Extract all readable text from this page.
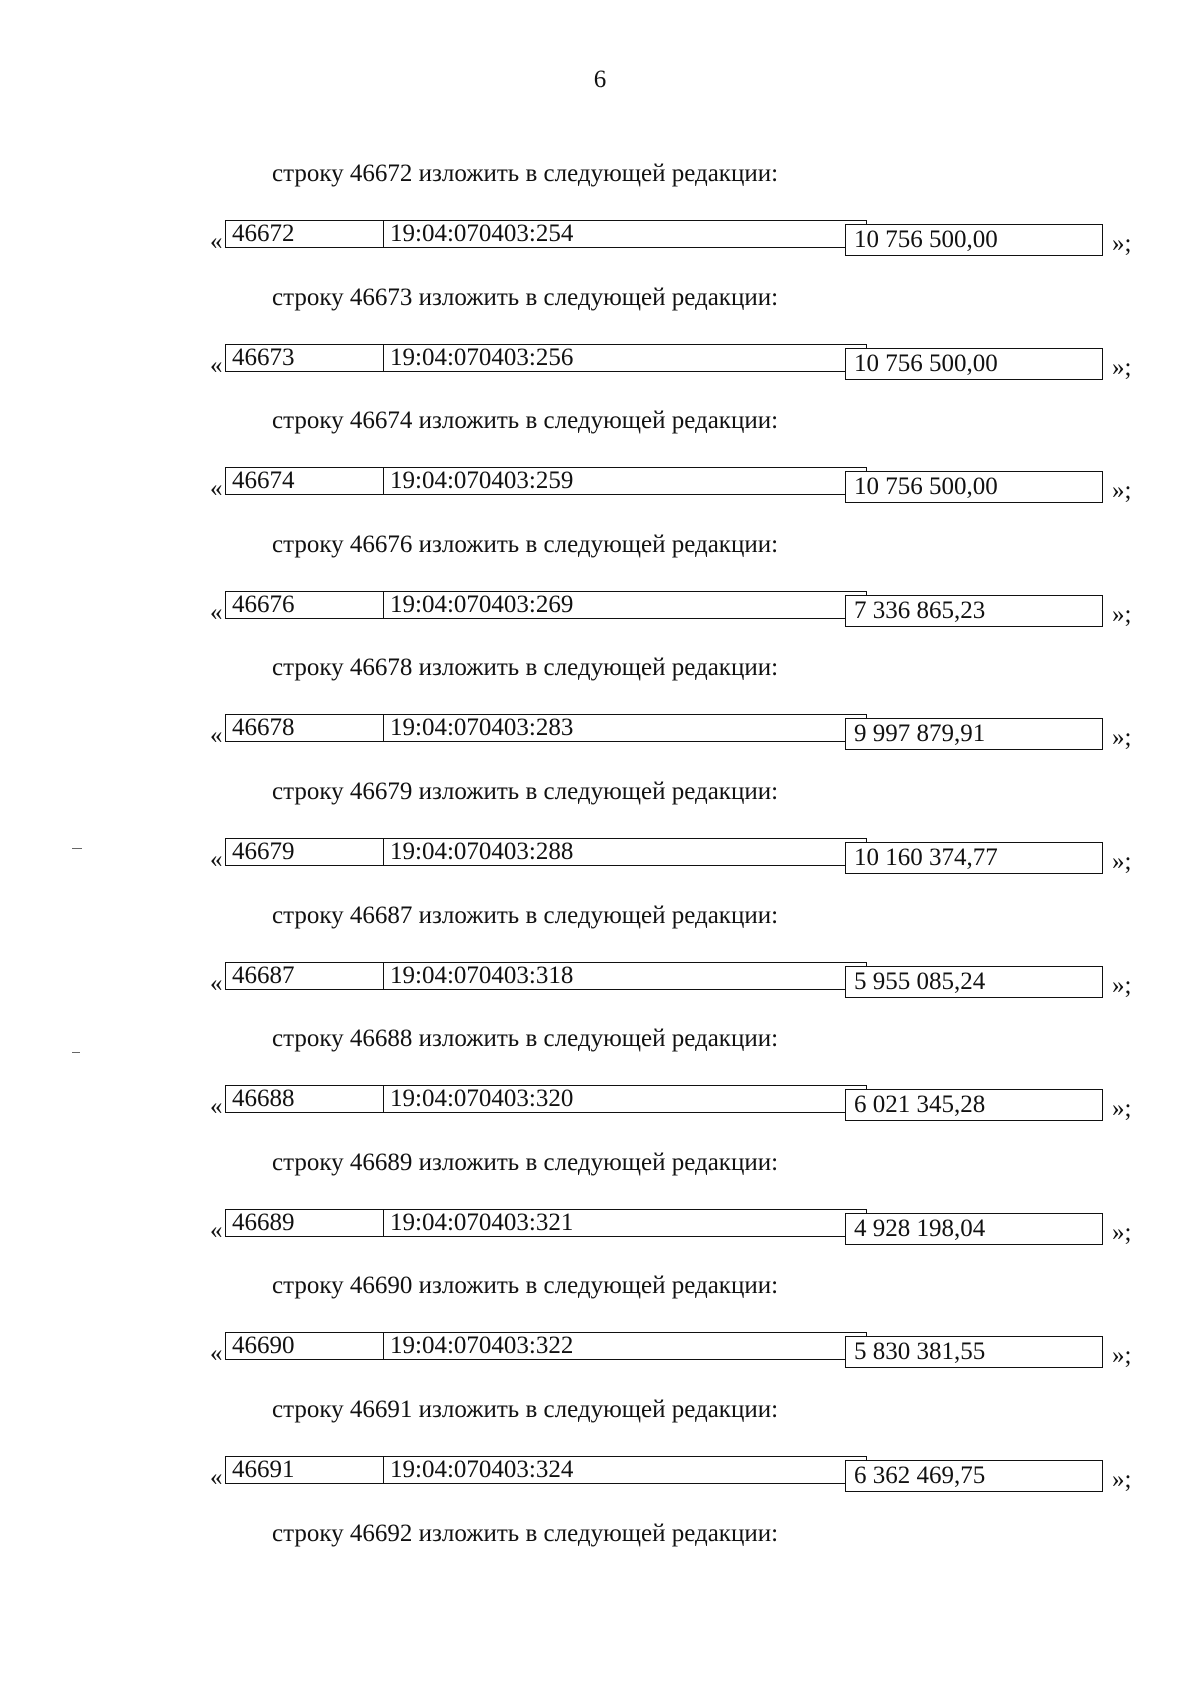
6
строку 46672 изложить в следующей редакции:
« 46672	19:04:070403:254	10 756 500,00	»;
строку 46673 изложить в следующей редакции:
« 46673	19:04:070403:256	10 756 500,00	»;
строку 46674 изложить в следующей редакции:
« 46674	19:04:070403:259	10 756 500,00	»;
строку 46676 изложить в следующей редакции:
« 46676	19:04:070403:269	7 336 865,23	»;
строку 46678 изложить в следующей редакции:
« 46678	19:04:070403:283	9 997 879,91	»;
строку 46679 изложить в следующей редакции:
« 46679	19:04:070403:288	10 160 374,77	»;
строку 46687 изложить в следующей редакции:
« 46687	19:04:070403:318	5 955 085,24	»;
строку 46688 изложить в следующей редакции:
« 46688	19:04:070403:320	6 021 345,28	»;
строку 46689 изложить в следующей редакции:
« 46689	19:04:070403:321	4 928 198,04	»;
строку 46690 изложить в следующей редакции:
« 46690	19:04:070403:322	5 830 381,55	»;
строку 46691 изложить в следующей редакции:
« 46691	19:04:070403:324	6 362 469,75	»;
строку 46692 изложить в следующей редакции:
